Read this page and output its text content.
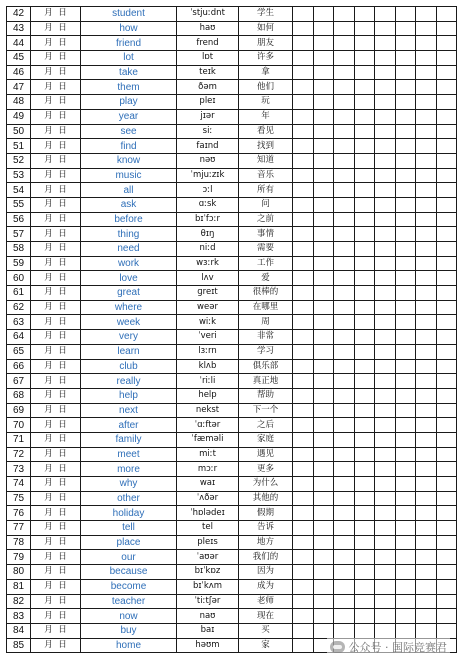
42	月 日	student	ˈstjuːdnt	学生								
43	月 日	how	haʊ	如何								
44	月 日	friend	frend	朋友								
45	月 日	lot	lɒt	许多								
46	月 日	take	teɪk	拿								
47	月 日	them	ðəm	他们								
48	月 日	play	pleɪ	玩								
49	月 日	year	jɪər	年								
50	月 日	see	siː	看见								
51	月 日	find	faɪnd	找到								
52	月 日	know	nəʊ	知道								
53	月 日	music	ˈmjuːzɪk	音乐								
54	月 日	all	ɔːl	所有								
55	月 日	ask	ɑːsk	问								
56	月 日	before	bɪˈfɔːr	之前								
57	月 日	thing	θɪŋ	事情								
58	月 日	need	niːd	需要								
59	月 日	work	wɜːrk	工作								
60	月 日	love	lʌv	爱								
61	月 日	great	ɡreɪt	很棒的								
62	月 日	where	weər	在哪里								
63	月 日	week	wiːk	周								
64	月 日	very	ˈveri	非常								
65	月 日	learn	lɜːrn	学习								
66	月 日	club	klʌb	俱乐部								
67	月 日	really	ˈriːli	真正地								
68	月 日	help	help	帮助								
69	月 日	next	nekst	下一个								
70	月 日	after	ˈɑːftər	之后								
71	月 日	family	ˈfæməli	家庭								
72	月 日	meet	miːt	遇见								
73	月 日	more	mɔːr	更多								
74	月 日	why	waɪ	为什么								
75	月 日	other	ˈʌðər	其他的								
76	月 日	holiday	ˈhɒlədeɪ	假期								
77	月 日	tell	tel	告诉								
78	月 日	place	pleɪs	地方								
79	月 日	our	ˈaʊər	我们的								
80	月 日	because	bɪˈkɒz	因为								
81	月 日	become	bɪˈkʌm	成为								
82	月 日	teacher	ˈtiːtʃər	老师								
83	月 日	now	naʊ	现在								
84	月 日	buy	baɪ	买								
85	月 日	home	həʊm	家									公众号 · 国际竞赛君
